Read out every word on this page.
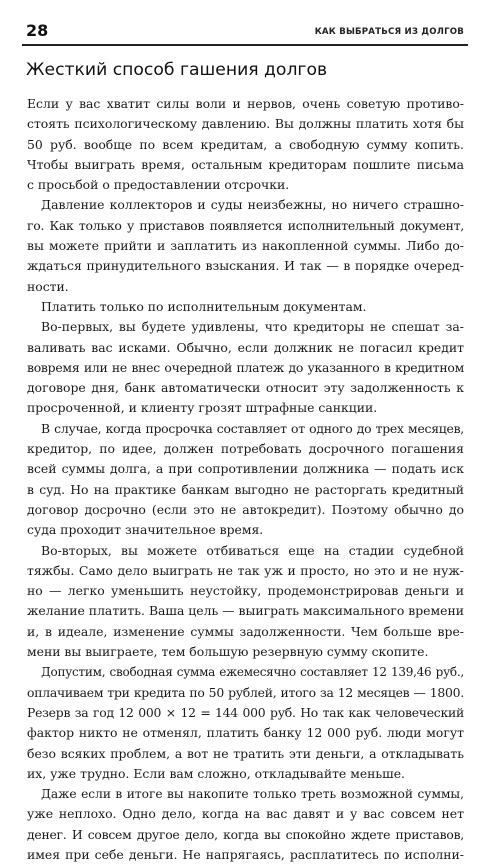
28	КАК ВЫБРАТЬСЯ ИЗ ДОЛГОВ

Жесткий способ гашения долгов
Если у вас хватит силы воли и нервов, очень советую противо-
стоять психологическому давлению. Вы должны платить хотя бы
50 руб. вообще по всем кредитам, а свободную сумму копить.
Чтобы выиграть время, остальным кредиторам пошлите письма
с просьбой о предоставлении отсрочки.
Давление коллекторов и суды неизбежны, но ничего страшно-
го. Как только у приставов появляется исполнительный документ,
вы можете прийти и заплатить из накопленной суммы. Либо до-
ждаться принудительного взыскания. И так — в порядке очеред-
ности.
Платить только по исполнительным документам.
Во-первых, вы будете удивлены, что кредиторы не спешат за-
валивать вас исками. Обычно, если должник не погасил кредит
вовремя или не внес очередной платеж до указанного в кредитном
договоре дня, банк автоматически относит эту задолженность к
просроченной, и клиенту грозят штрафные санкции.
В случае, когда просрочка составляет от одного до трех месяцев,
кредитор, по идее, должен потребовать досрочного погашения
всей суммы долга, а при сопротивлении должника — подать иск
в суд. Но на практике банкам выгодно не расторгать кредитный
договор досрочно (если это не автокредит). Поэтому обычно до
суда проходит значительное время.
Во-вторых, вы можете отбиваться еще на стадии судебной
тяжбы. Само дело выиграть не так уж и просто, но это и не нуж-
но — легко уменьшить неустойку, продемонстрировав деньги и
желание платить. Ваша цель — выиграть максимального времени
и, в идеале, изменение суммы задолженности. Чем больше вре-
мени вы выиграете, тем большую резервную сумму скопите.
Допустим, свободная сумма ежемесячно составляет 12 139,46 руб.,
оплачиваем три кредита по 50 рублей, итого за 12 месяцев — 1800.
Резерв за год 12 000 × 12 = 144 000 руб. Но так как человеческий
фактор никто не отменял, платить банку 12 000 руб. люди могут
безо всяких проблем, а вот не тратить эти деньги, а откладывать
их, уже трудно. Если вам сложно, откладывайте меньше.
Даже если в итоге вы накопите только треть возможной суммы,
уже неплохо. Одно дело, когда на вас давят и у вас совсем нет
денег. И совсем другое дело, когда вы спокойно ждете приставов,
имея при себе деньги. Не напрягаясь, расплатитесь по исполни-
